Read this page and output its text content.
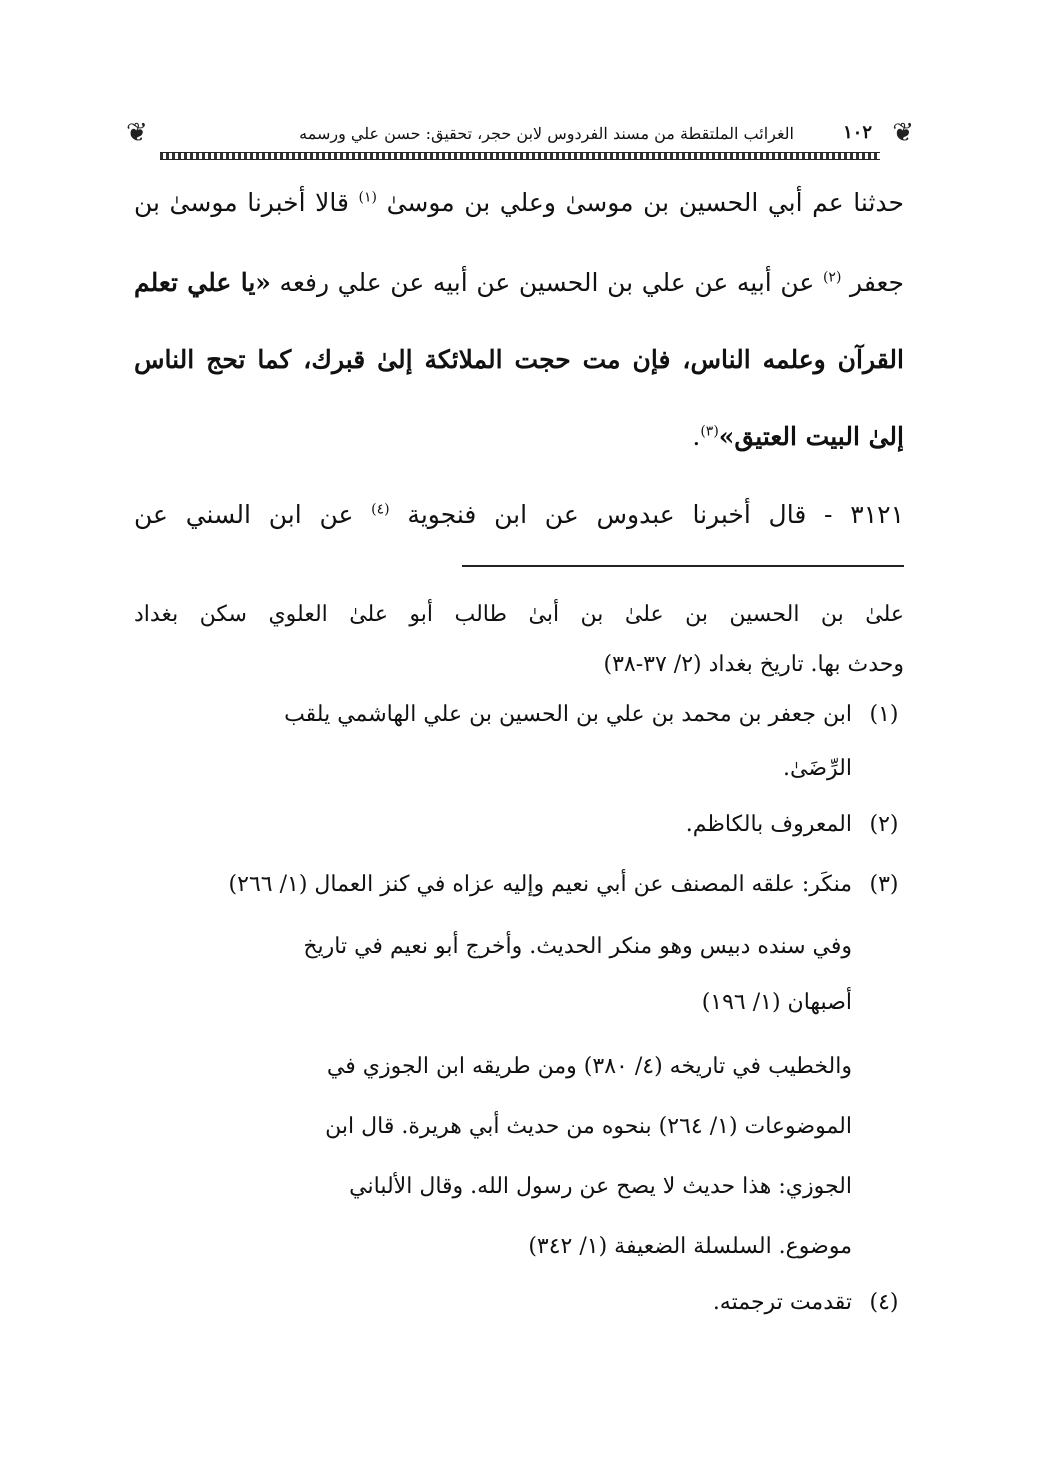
❦
١٠٢
الغرائب الملتقطة من مسند الفردوس لابن حجر، تحقيق: حسن علي ورسمه
❦
حدثنا عم أبي الحسين بن موسىٰ وعلي بن موسىٰ $^{(١)}$ قالا أخبرنا موسىٰ بن
جعفر $^{(٢)}$ عن أبيه عن علي بن الحسين عن أبيه عن علي رفعه «يا علي تعلم
القرآن وعلمه الناس، فإن مت حجت الملائكة إلىٰ قبرك، كما تحج الناس
إلىٰ البيت العتيق»$^{(٣)}$.
٣١٢١ - قال أخبرنا عبدوس عن ابن فنجوية $^{(٤)}$ عن ابن السني عن
علىٰ بن الحسين بن علىٰ بن أبىٰ طالب أبو علىٰ العلوي سكن بغداد
وحدث بها. تاريخ بغداد (٢/ ٣٧-٣٨)
(١)
ابن جعفر بن محمد بن علي بن الحسين بن علي الهاشمي يلقب
الرِّضَىٰ.
(٢)
المعروف بالكاظم.
(٣)
منكَر: علقه المصنف عن أبي نعيم وإليه عزاه في كنز العمال (١/ ٢٦٦)
وفي سنده دبيس وهو منكر الحديث. وأخرج أبو نعيم في تاريخ
أصبهان (١/ ١٩٦)
والخطيب في تاريخه (٤/ ٣٨٠) ومن طريقه ابن الجوزي في
الموضوعات (١/ ٢٦٤) بنحوه من حديث أبي هريرة. قال ابن
الجوزي: هذا حديث لا يصح عن رسول الله. وقال الألباني
موضوع. السلسلة الضعيفة (١/ ٣٤٢)
(٤)
تقدمت ترجمته.
